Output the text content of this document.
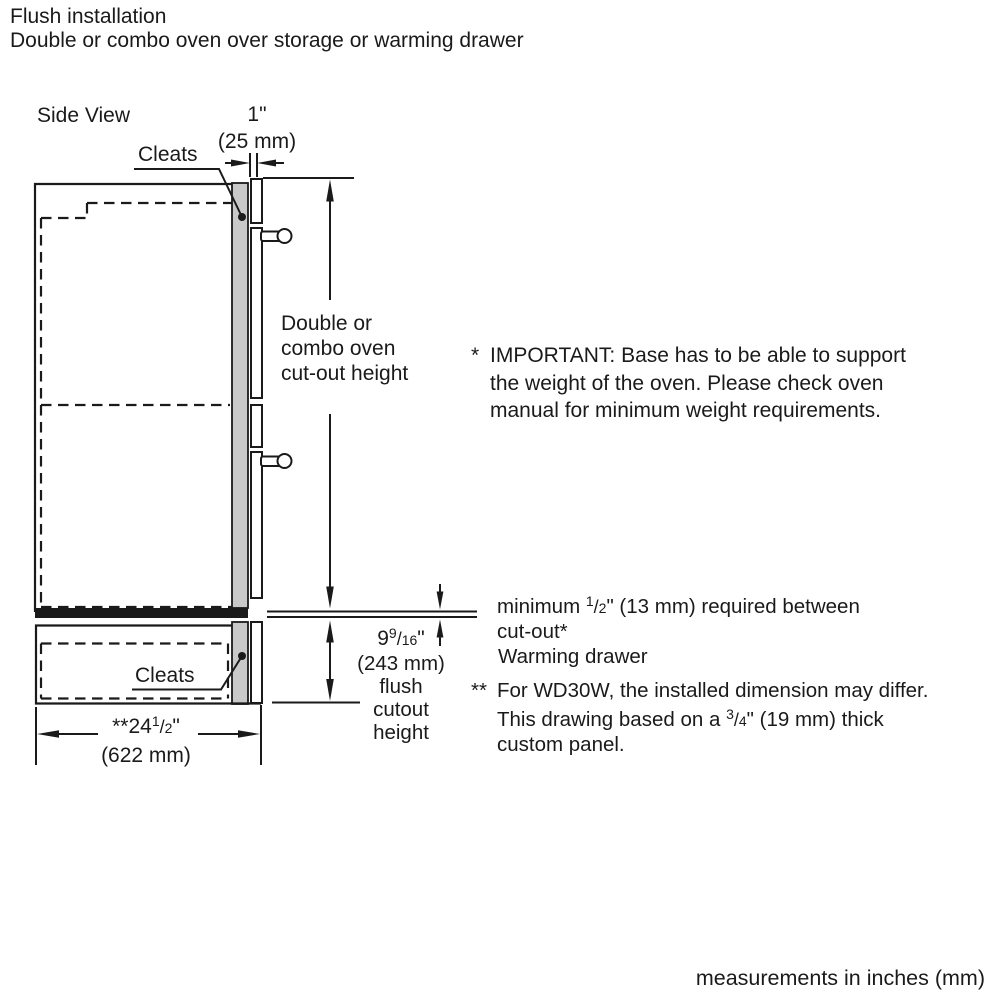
Flush installation
Double or combo oven over storage or warming drawer
Side View
Cleats
1"
(25 mm)
Double or
combo oven
cut-out height
* IMPORTANT: Base has to be able to support
the weight of the oven. Please check oven
manual for minimum weight requirements.
minimum $^1$/2" (13 mm) required between
cut-out*
Warming drawer
** For WD30W, the installed dimension may differ.
This drawing based on a $^3$/4" (19 mm) thick
custom panel.
$9^9/16$"
(243 mm)
flush
cutout
height
Cleats
$**24^1/2$"
(622 mm)
measurements in inches (mm)
